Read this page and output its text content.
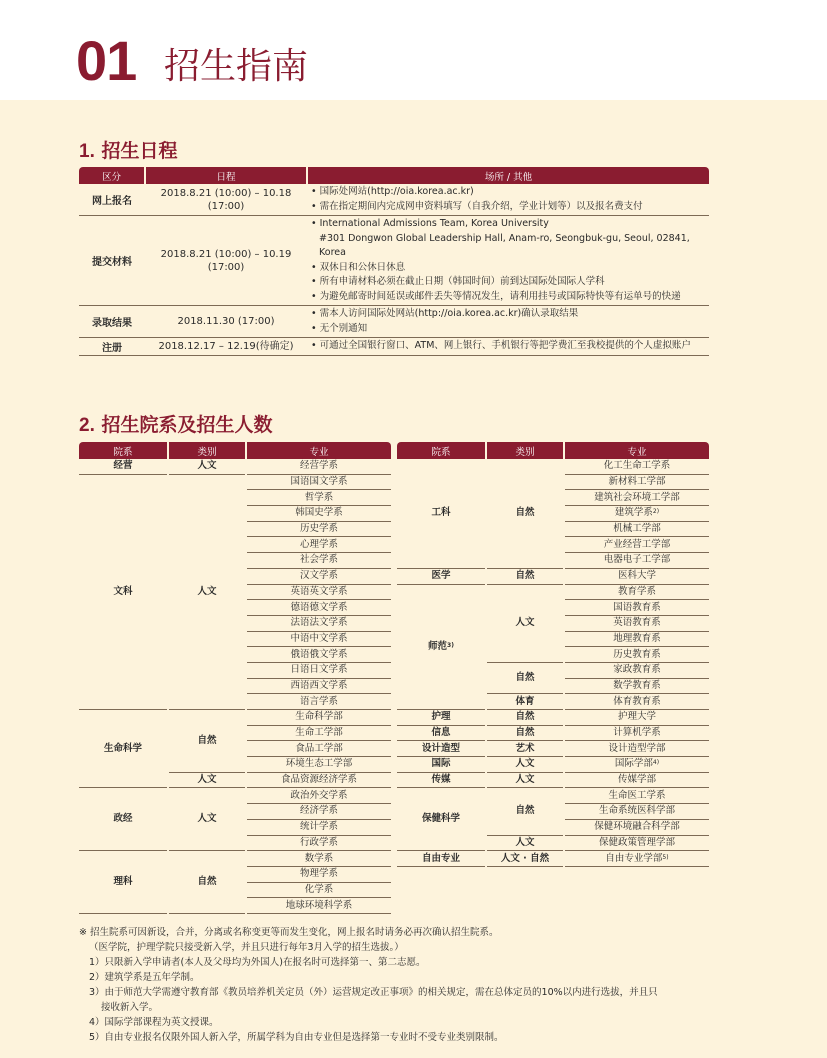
01 招生指南
1. 招生日程
区分	日程	场所 / 其他
网上报名	2018.8.21 (10:00) – 10.18 (17:00)	• 国际处网站(http://oia.korea.ac.kr)
• 需在指定期间内完成网申资料填写（自我介绍，学业计划等）以及报名费支付

提交材料	2018.8.21 (10:00) – 10.19 (17:00)	• International Admissions Team, Korea University
#301 Dongwon Global Leadership Hall, Anam-ro, Seongbuk-gu, Seoul, 02841, Korea
• 双休日和公休日休息
• 所有申请材料必须在截止日期（韩国时间）前到达国际处国际人学科
• 为避免邮寄时间延误或邮件丢失等情况发生，请利用挂号或国际特快等有运单号的快递

录取结果	2018.11.30 (17:00)	• 需本人访问国际处网站(http://oia.korea.ac.kr)确认录取结果
• 无个别通知

注册	2018.12.17 – 12.19(待确定)	• 可通过全国银行窗口、ATM、网上银行、手机银行等把学费汇至我校提供的个人虚拟账户
2. 招生院系及招生人数
院系	类别	专业
经营	人文	经营学系
文科	人文	国语国文学系
		哲学系
		韩国史学系
		历史学系
		心理学系
		社会学系
		汉文学系
		英语英文学系
		德语德文学系
		法语法文学系
		中语中文学系
		俄语俄文学系
		日语日文学系
		西语西文学系
		语言学系
生命科学	自然	生命科学部
		生命工学部
		食品工学部
		环境生态工学部
	人文	食品资源经济学系
政经	人文	政治外交学系
		经济学系
		统计学系
		行政学系
理科	自然	数学系
		物理学系
		化学系
		地球环境科学系
院系	类别	专业
工科	自然	化工生命工学系
		新材料工学部
		建筑社会环境工学部
		建筑学系$^{2)}$
		机械工学部
		产业经营工学部
		电器电子工学部
医学	自然	医科大学
师范$^{3)}$	人文	教育学系
		国语教育系
		英语教育系
		地理教育系
		历史教育系
	自然	家政教育系
		数学教育系
	体育	体育教育系
护理	自然	护理大学
信息	自然	计算机学系
设计造型	艺术	设计造型学部
国际	人文	国际学部$^{4)}$
传媒	人文	传媒学部
保健科学	自然	生命医工学系
		生命系统医科学部
		保健环境融合科学部
	人文	保健政策管理学部
自由专业	人文 · 自然	自由专业学部$^{5)}$
※ 招生院系可因新设，合并，分离或名称变更等而发生变化，网上报名时请务必再次确认招生院系。
（医学院，护理学院只接受新入学，并且只进行每年3月入学的招生选拔。）
1）只限新入学申请者(本人及父母均为外国人)在报名时可选择第一、第二志愿。
2）建筑学系是五年学制。
3）由于师范大学需遵守教育部《教员培养机关定员（外）运营规定改正事项》的相关规定，需在总体定员的10%以内进行选拔，并且只
接收新入学。
4）国际学部课程为英文授课。
5）自由专业报名仅限外国人新入学，所属学科为自由专业但是选择第一专业时不受专业类别限制。
